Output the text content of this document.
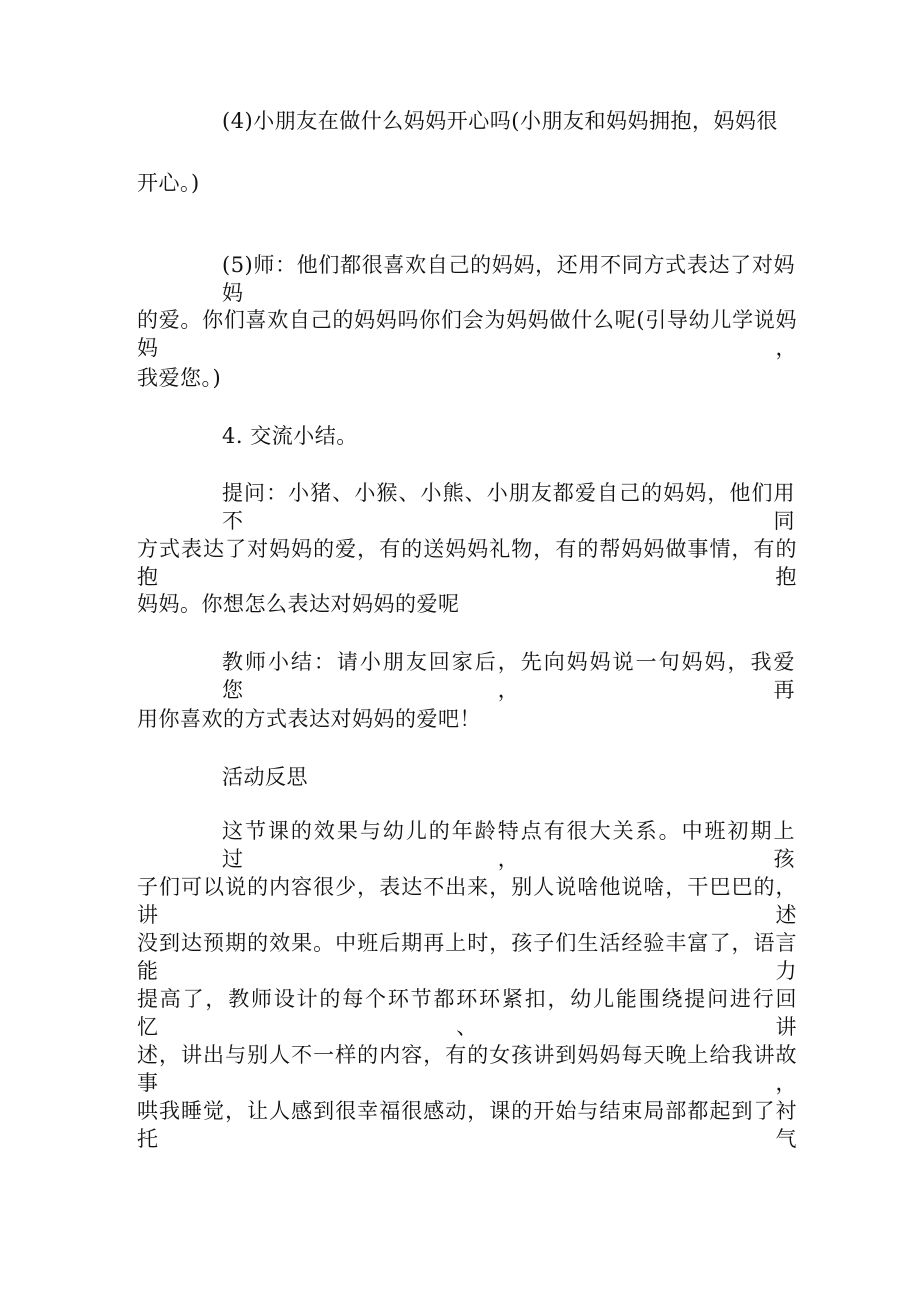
(4)小朋友在做什么妈妈开心吗(小朋友和妈妈拥抱，妈妈很
开心。)
(5)师：他们都很喜欢自己的妈妈，还用不同方式表达了对妈妈
的爱。你们喜欢自己的妈妈吗你们会为妈妈做什么呢(引导幼儿学说妈妈，
我爱您。)
4. 交流小结。
提问：小猪、小猴、小熊、小朋友都爱自己的妈妈，他们用不同
方式表达了对妈妈的爱，有的送妈妈礼物，有的帮妈妈做事情，有的抱抱
妈妈。你想怎么表达对妈妈的爱呢
教师小结：请小朋友回家后，先向妈妈说一句妈妈，我爱您，再
用你喜欢的方式表达对妈妈的爱吧！
活动反思
这节课的效果与幼儿的年龄特点有很大关系。中班初期上过，孩
子们可以说的内容很少，表达不出来，别人说啥他说啥，干巴巴的，讲述
没到达预期的效果。中班后期再上时，孩子们生活经验丰富了，语言能力
提高了，教师设计的每个环节都环环紧扣，幼儿能围绕提问进行回忆、讲
述，讲出与别人不一样的内容，有的女孩讲到妈妈每天晚上给我讲故事，
哄我睡觉，让人感到很幸福很感动，课的开始与结束局部都起到了衬托气
